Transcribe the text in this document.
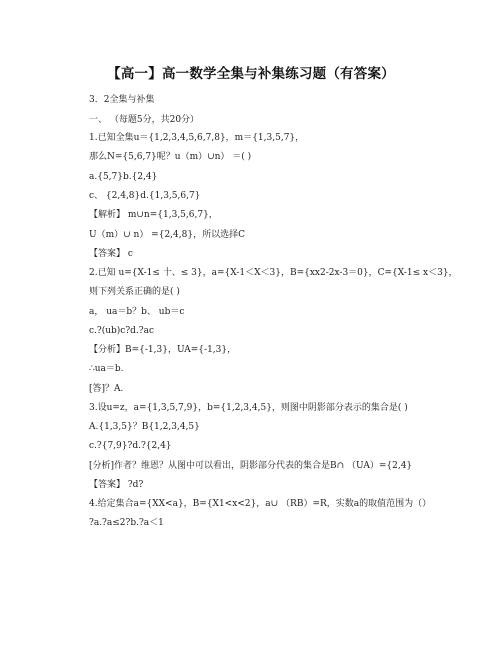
【高一】高一数学全集与补集练习题（有答案）
3．2全集与补集
一、 （每题5分，共20分）
1.已知全集u＝{1,2,3,4,5,6,7,8}，m＝{1,3,5,7}，
那么N={5,6,7}呢？u（m）∪n） ＝( )
a.{5,7}b.{2,4}
c、 {2,4,8}d.{1,3,5,6,7}
【解析】 m∪n={1,3,5,6,7}，
U（m）∪ n） ={2,4,8}，所以选择C
【答案】 c
2.已知 u={X-1≤ 十、≤ 3}，a={X-1＜X＜3}，B={xx2-2x-3＝0}，C={X-1≤ x＜3}，
则下列关系正确的是( )
a， ua＝b？b、 ub＝c
c.?(ub)c?d.?ac
【分析】B={-1,3}，UA={-1,3}，
∴ua＝b.
[答]？A.
3.设u=z，a={1,3,5,7,9}，b={1,2,3,4,5}，则图中阴影部分表示的集合是( )
A.{1,3,5}？B{1,2,3,4,5}
c.?{7,9}?d.?{2,4}
[分析]作者？维恩？从图中可以看出，阴影部分代表的集合是B∩ （UA）={2,4}
【答案】 ?d?
4.给定集合a={XX<a}，B={X1<x<2}，a∪ （RB）=R，实数a的取值范围为（）
?a.?a≤2?b.?a＜1
